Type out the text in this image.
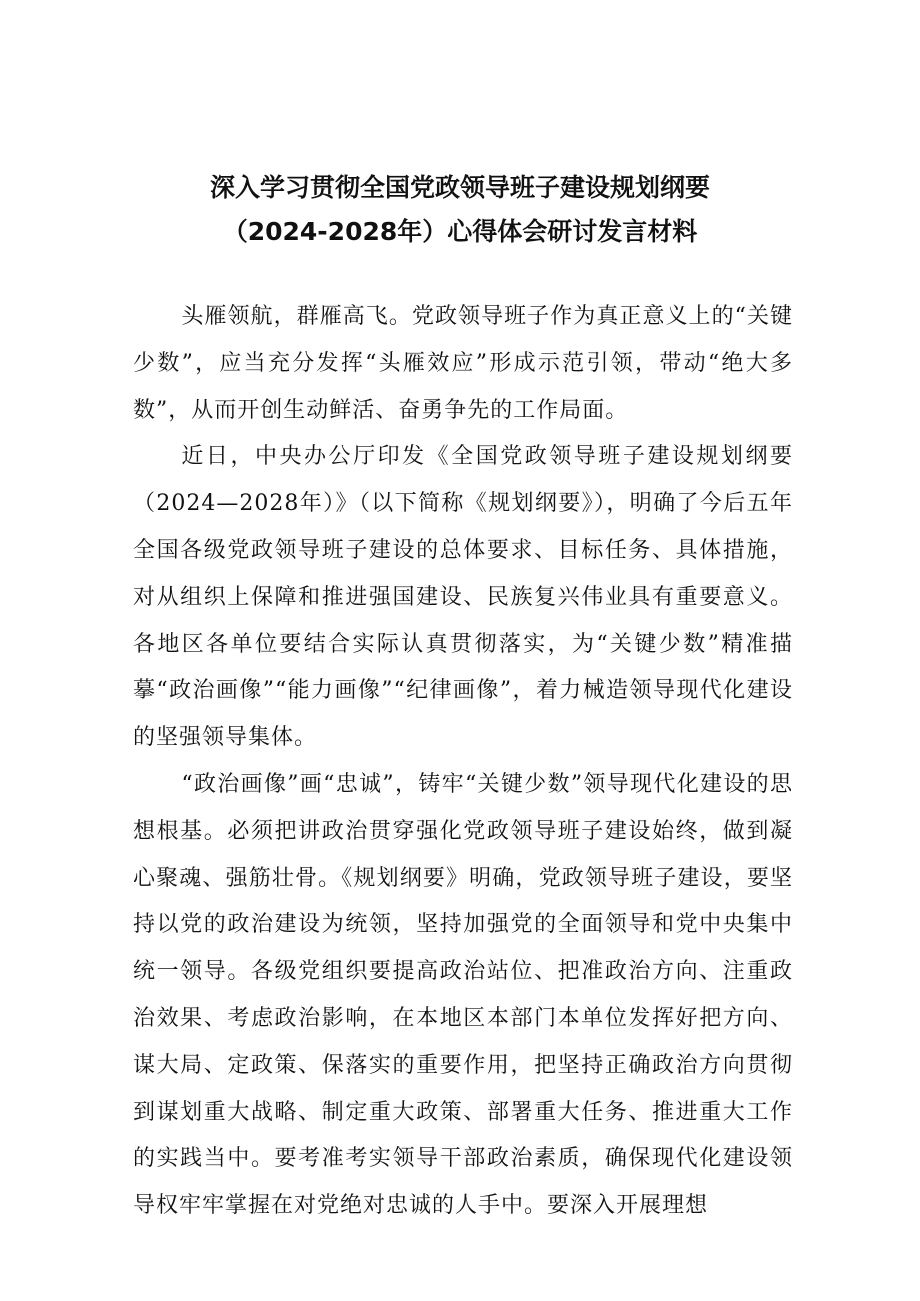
深入学习贯彻全国党政领导班子建设规划纲要
（2024-2028年）心得体会研讨发言材料

头雁领航，群雁高飞。党政领导班子作为真正意义上的“关键少数”，应当充分发挥“头雁效应”形成示范引领，带动“绝大多数”，从而开创生动鲜活、奋勇争先的工作局面。

近日，中央办公厅印发《全国党政领导班子建设规划纲要（2024—2028年）》（以下简称《规划纲要》），明确了今后五年全国各级党政领导班子建设的总体要求、目标任务、具体措施，对从组织上保障和推进强国建设、民族复兴伟业具有重要意义。各地区各单位要结合实际认真贯彻落实，为“关键少数”精准描摹“政治画像”“能力画像”“纪律画像”，着力械造领导现代化建设的坚强领导集体。

“政治画像”画“忠诚”，铸牢“关键少数”领导现代化建设的思想根基。必须把讲政治贯穿强化党政领导班子建设始终，做到凝心聚魂、强筋壮骨。《规划纲要》明确，党政领导班子建设，要坚持以党的政治建设为统领，坚持加强党的全面领导和党中央集中统一领导。各级党组织要提高政治站位、把准政治方向、注重政治效果、考虑政治影响，在本地区本部门本单位发挥好把方向、谋大局、定政策、保落实的重要作用，把坚持正确政治方向贯彻到谋划重大战略、制定重大政策、部署重大任务、推进重大工作的实践当中。要考准考实领导干部政治素质，确保现代化建设领导权牢牢掌握在对党绝对忠诚的人手中。要深入开展理想
